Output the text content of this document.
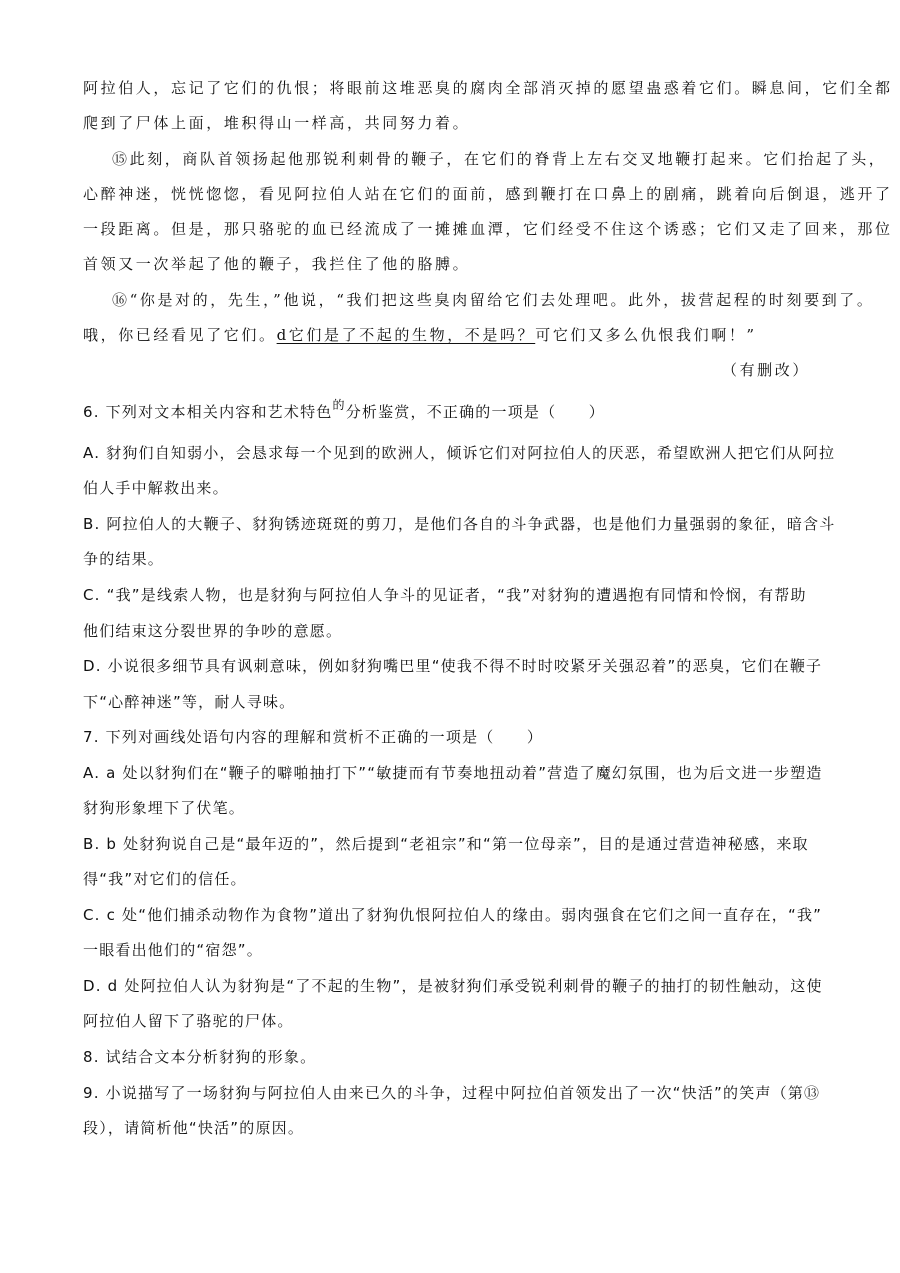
阿拉伯人，忘记了它们的仇恨；将眼前这堆恶臭的腐肉全部消灭掉的愿望蛊惑着它们。瞬息间，它们全都
爬到了尸体上面，堆积得山一样高，共同努力着。
⑮此刻，商队首领扬起他那锐利刺骨的鞭子，在它们的脊背上左右交叉地鞭打起来。它们抬起了头，
心醉神迷，恍恍惚惚，看见阿拉伯人站在它们的面前，感到鞭打在口鼻上的剧痛，跳着向后倒退，逃开了
一段距离。但是，那只骆驼的血已经流成了一摊摊血潭，它们经受不住这个诱惑；它们又走了回来，那位
首领又一次举起了他的鞭子，我拦住了他的胳膊。
⑯“你是对的，先生，”他说，“我们把这些臭肉留给它们去处理吧。此外，拔营起程的时刻要到了。
哦，你已经看见了它们。d它们是了不起的生物，不是吗？可它们又多么仇恨我们啊！”
（有删改）
6. 下列对文本相关内容和艺术特色$^的$分析鉴赏，不正确的一项是（　　）
A. 豺狗们自知弱小，会恳求每一个见到的欧洲人，倾诉它们对阿拉伯人的厌恶，希望欧洲人把它们从阿拉
伯人手中解救出来。
B. 阿拉伯人的大鞭子、豺狗锈迹斑斑的剪刀，是他们各自的斗争武器，也是他们力量强弱的象征，暗含斗
争的结果。
C. “我”是线索人物，也是豺狗与阿拉伯人争斗的见证者，“我”对豺狗的遭遇抱有同情和怜悯，有帮助
他们结束这分裂世界的争吵的意愿。
D. 小说很多细节具有讽刺意味，例如豺狗嘴巴里“使我不得不时时咬紧牙关强忍着”的恶臭，它们在鞭子
下“心醉神迷”等，耐人寻味。
7. 下列对画线处语句内容的理解和赏析不正确的一项是（　　）
A. a 处以豺狗们在“鞭子的噼啪抽打下”“敏捷而有节奏地扭动着”营造了魔幻氛围，也为后文进一步塑造
豺狗形象埋下了伏笔。
B. b 处豺狗说自己是“最年迈的”，然后提到“老祖宗”和“第一位母亲”，目的是通过营造神秘感，来取
得“我”对它们的信任。
C. c 处“他们捕杀动物作为食物”道出了豺狗仇恨阿拉伯人的缘由。弱肉强食在它们之间一直存在，“我”
一眼看出他们的“宿怨”。
D. d 处阿拉伯人认为豺狗是“了不起的生物”，是被豺狗们承受锐利刺骨的鞭子的抽打的韧性触动，这使
阿拉伯人留下了骆驼的尸体。
8. 试结合文本分析豺狗的形象。
9. 小说描写了一场豺狗与阿拉伯人由来已久的斗争，过程中阿拉伯首领发出了一次“快活”的笑声（第⑬
段），请简析他“快活”的原因。
